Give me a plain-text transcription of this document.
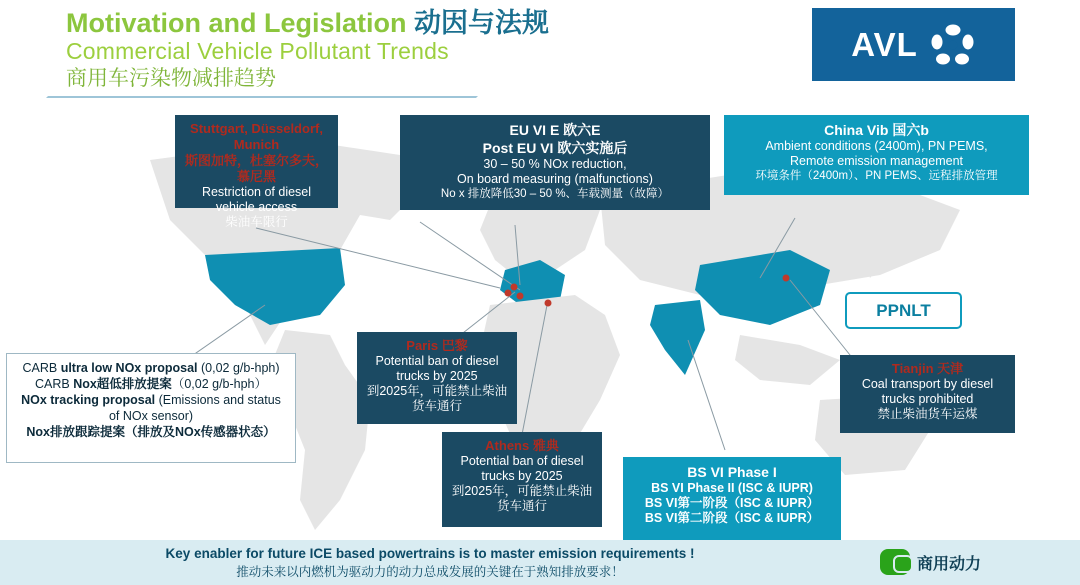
Motivation and Legislation 动因与法规
Commercial Vehicle Pollutant Trends
商用车污染物减排趋势
AVL
Stuttgart, Düsseldorf, Munich
斯图加特，杜塞尔多夫，慕尼黑
Restriction of diesel
vehicle access
柴油车限行
EU VI E 欧六E
Post EU VI 欧六实施后
30 – 50 % NOx reduction,
On board measuring (malfunctions)
No x 排放降低30 – 50 %、车载测量（故障）
China Vib 国六b
Ambient conditions (2400m), PN PEMS,
Remote emission management
环境条件（2400m）、PN PEMS、远程排放管理
PPNLT
CARB ultra low NOx proposal (0,02 g/b-hph)
CARB Nox超低排放提案（0,02 g/b-hph）
NOx tracking proposal (Emissions and status of NOx sensor)
Nox排放跟踪提案（排放及NOx传感器状态）
Paris 巴黎
Potential ban of diesel
trucks by 2025
到2025年，可能禁止柴油
货车通行
Athens 雅典
Potential ban of diesel
trucks by 2025
到2025年，可能禁止柴油
货车通行
Tianjin 天津
Coal transport by diesel
trucks prohibited
禁止柴油货车运煤
BS VI Phase I
BS VI Phase II (ISC & IUPR)
BS VI第一阶段（ISC & IUPR）
BS VI第二阶段（ISC & IUPR）
Key enabler for future ICE based powertrains is to master emission requirements !
推动未来以内燃机为驱动力的动力总成发展的关键在于熟知排放要求！	商用动力
